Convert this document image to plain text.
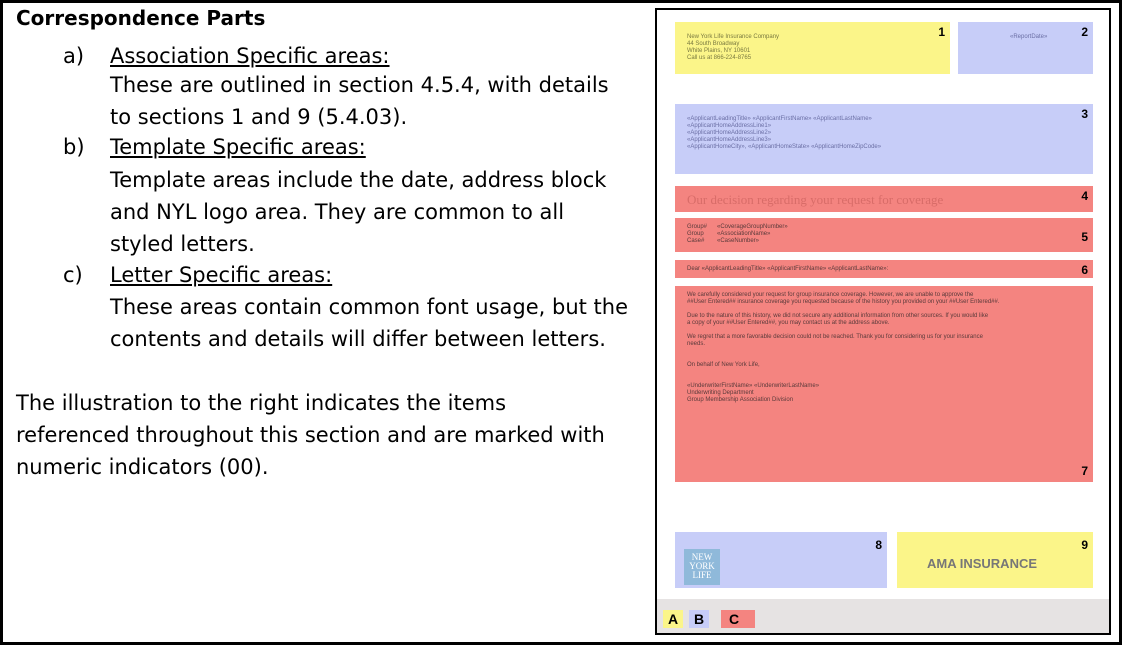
Correspondence Parts
a) Association Specific areas:
These are outlined in section 4.5.4, with details
to sections 1 and 9 (5.4.03).
b) Template Specific areas:
Template areas include the date, address block
and NYL logo area. They are common to all
styled letters.
c) Letter Specific areas:
These areas contain common font usage, but the
contents and details will differ between letters.
The illustration to the right indicates the items
referenced throughout this section and are marked with
numeric indicators (00).
New York Life Insurance Company
44 South Broadway
White Plains, NY 10601
Call us at 866-224-8765
1	«ReportDate»	2
«ApplicantLeadingTitle» «ApplicantFirstName» «ApplicantLastName»
«ApplicantHomeAddressLine1»
«ApplicantHomeAddressLine2»
«ApplicantHomeAddressLine3»
«ApplicantHomeCity», «ApplicantHomeState» «ApplicantHomeZipCode»
3
Our decision regarding your request for coverage	4
Group# «CoverageGroupNumber»
Group «AssociationName»
Case# «CaseNumber»	5
Dear «ApplicantLeadingTitle» «ApplicantFirstName» «ApplicantLastName»:	6
We carefully considered your request for group insurance coverage. However, we are unable to approve the
##User Entered## insurance coverage you requested because of the history you provided on your ##User Entered##.

Due to the nature of this history, we did not secure any additional information from other sources. If you would like
a copy of your ##User Entered##, you may contact us at the address above.

We regret that a more favorable decision could not be reached. Thank you for considering us for your insurance
needs.

On behalf of New York Life,

«UnderwriterFirstName» «UnderwriterLastName»
Underwriting Department
Group Membership Association Division
7
NEW
YORK
LIFE
8
AMA INSURANCE
9
A	B	C
